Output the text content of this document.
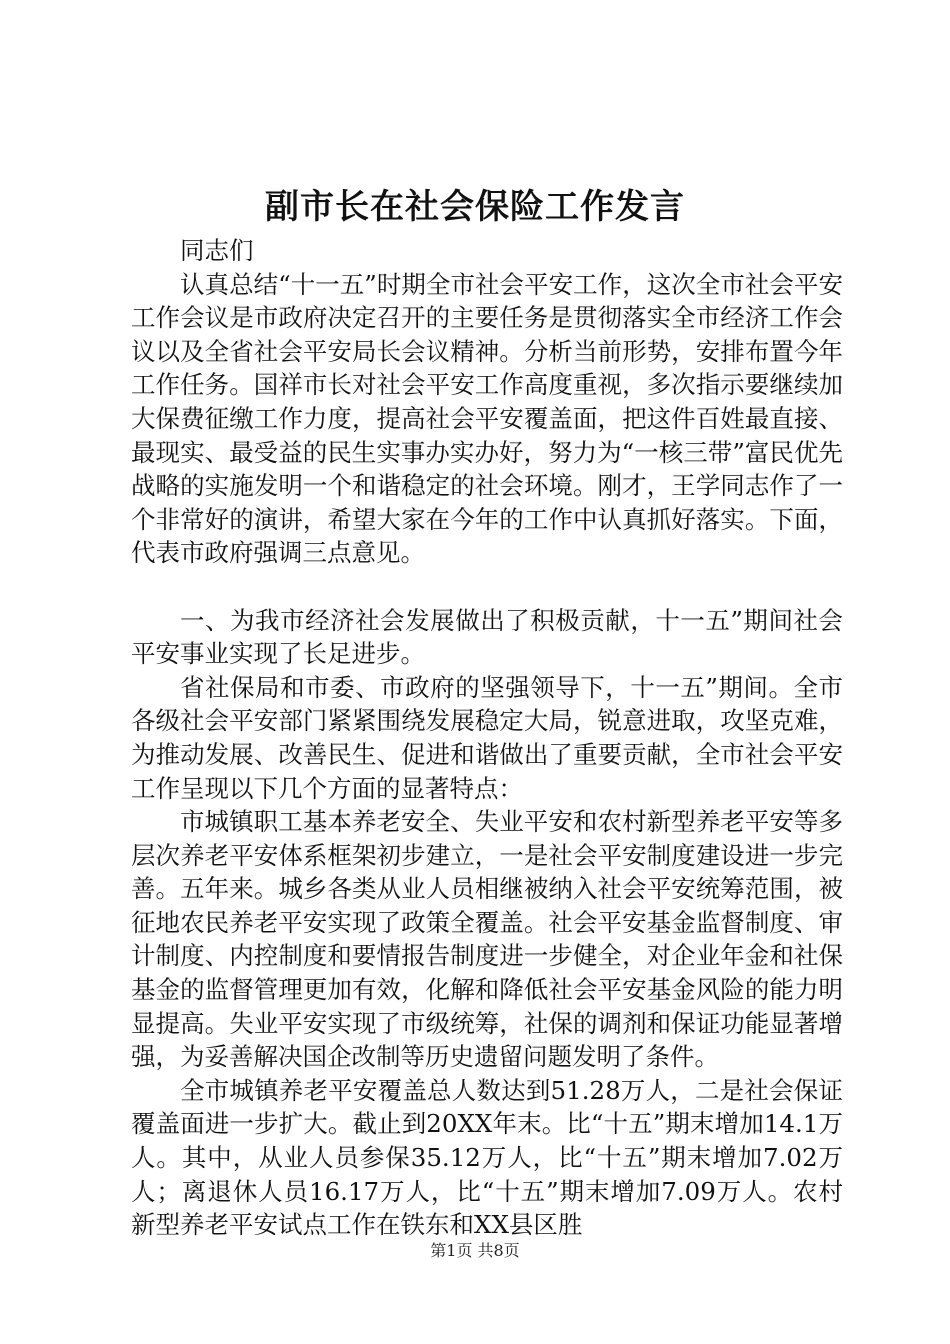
副市长在社会保险工作发言

同志们

认真总结“十一五”时期全市社会平安工作，这次全市社会平安工作会议是市政府决定召开的主要任务是贯彻落实全市经济工作会议以及全省社会平安局长会议精神。分析当前形势，安排布置今年工作任务。国祥市长对社会平安工作高度重视，多次指示要继续加大保费征缴工作力度，提高社会平安覆盖面，把这件百姓最直接、最现实、最受益的民生实事办实办好，努力为“一核三带”富民优先战略的实施发明一个和谐稳定的社会环境。刚才，王学同志作了一个非常好的演讲，希望大家在今年的工作中认真抓好落实。下面，代表市政府强调三点意见。

一、为我市经济社会发展做出了积极贡献，十一五”期间社会平安事业实现了长足进步。

省社保局和市委、市政府的坚强领导下，十一五”期间。全市各级社会平安部门紧紧围绕发展稳定大局，锐意进取，攻坚克难，为推动发展、改善民生、促进和谐做出了重要贡献，全市社会平安工作呈现以下几个方面的显著特点：

市城镇职工基本养老安全、失业平安和农村新型养老平安等多层次养老平安体系框架初步建立，一是社会平安制度建设进一步完善。五年来。城乡各类从业人员相继被纳入社会平安统筹范围，被征地农民养老平安实现了政策全覆盖。社会平安基金监督制度、审计制度、内控制度和要情报告制度进一步健全，对企业年金和社保基金的监督管理更加有效，化解和降低社会平安基金风险的能力明显提高。失业平安实现了市级统筹，社保的调剂和保证功能显著增强，为妥善解决国企改制等历史遗留问题发明了条件。

全市城镇养老平安覆盖总人数达到51.28万人，二是社会保证覆盖面进一步扩大。截止到20XX年末。比“十五”期末增加14.1万人。其中，从业人员参保35.12万人，比“十五”期末增加7.02万人；离退休人员16.17万人，比“十五”期末增加7.09万人。农村新型养老平安试点工作在铁东和XX县区胜

第1页 共8页
